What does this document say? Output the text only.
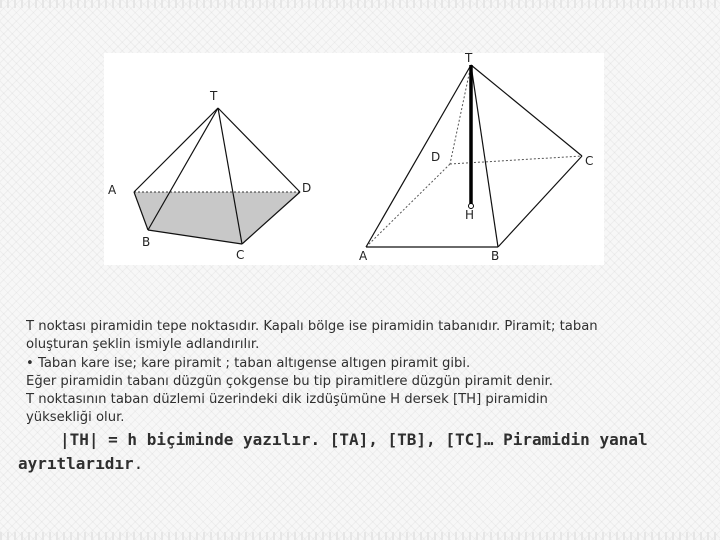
T
A	D
B
C
T
D	C
H
A	B
T noktası piramidin tepe noktasıdır. Kapalı bölge ise piramidin tabanıdır. Piramit; taban
oluşturan şeklin ismiyle adlandırılır.
• Taban kare ise; kare piramit ; taban altıgense altıgen piramit gibi.
Eğer piramidin tabanı düzgün çokgense bu tip piramitlere düzgün piramit denir.
T noktasının taban düzlemi üzerindeki dik izdüşümüne H dersek [TH] piramidin
yüksekliği olur.
|TH| = h biçiminde yazılır. [TA], [TB], [TC]… Piramidin yanal
ayrıtlarıdır.
